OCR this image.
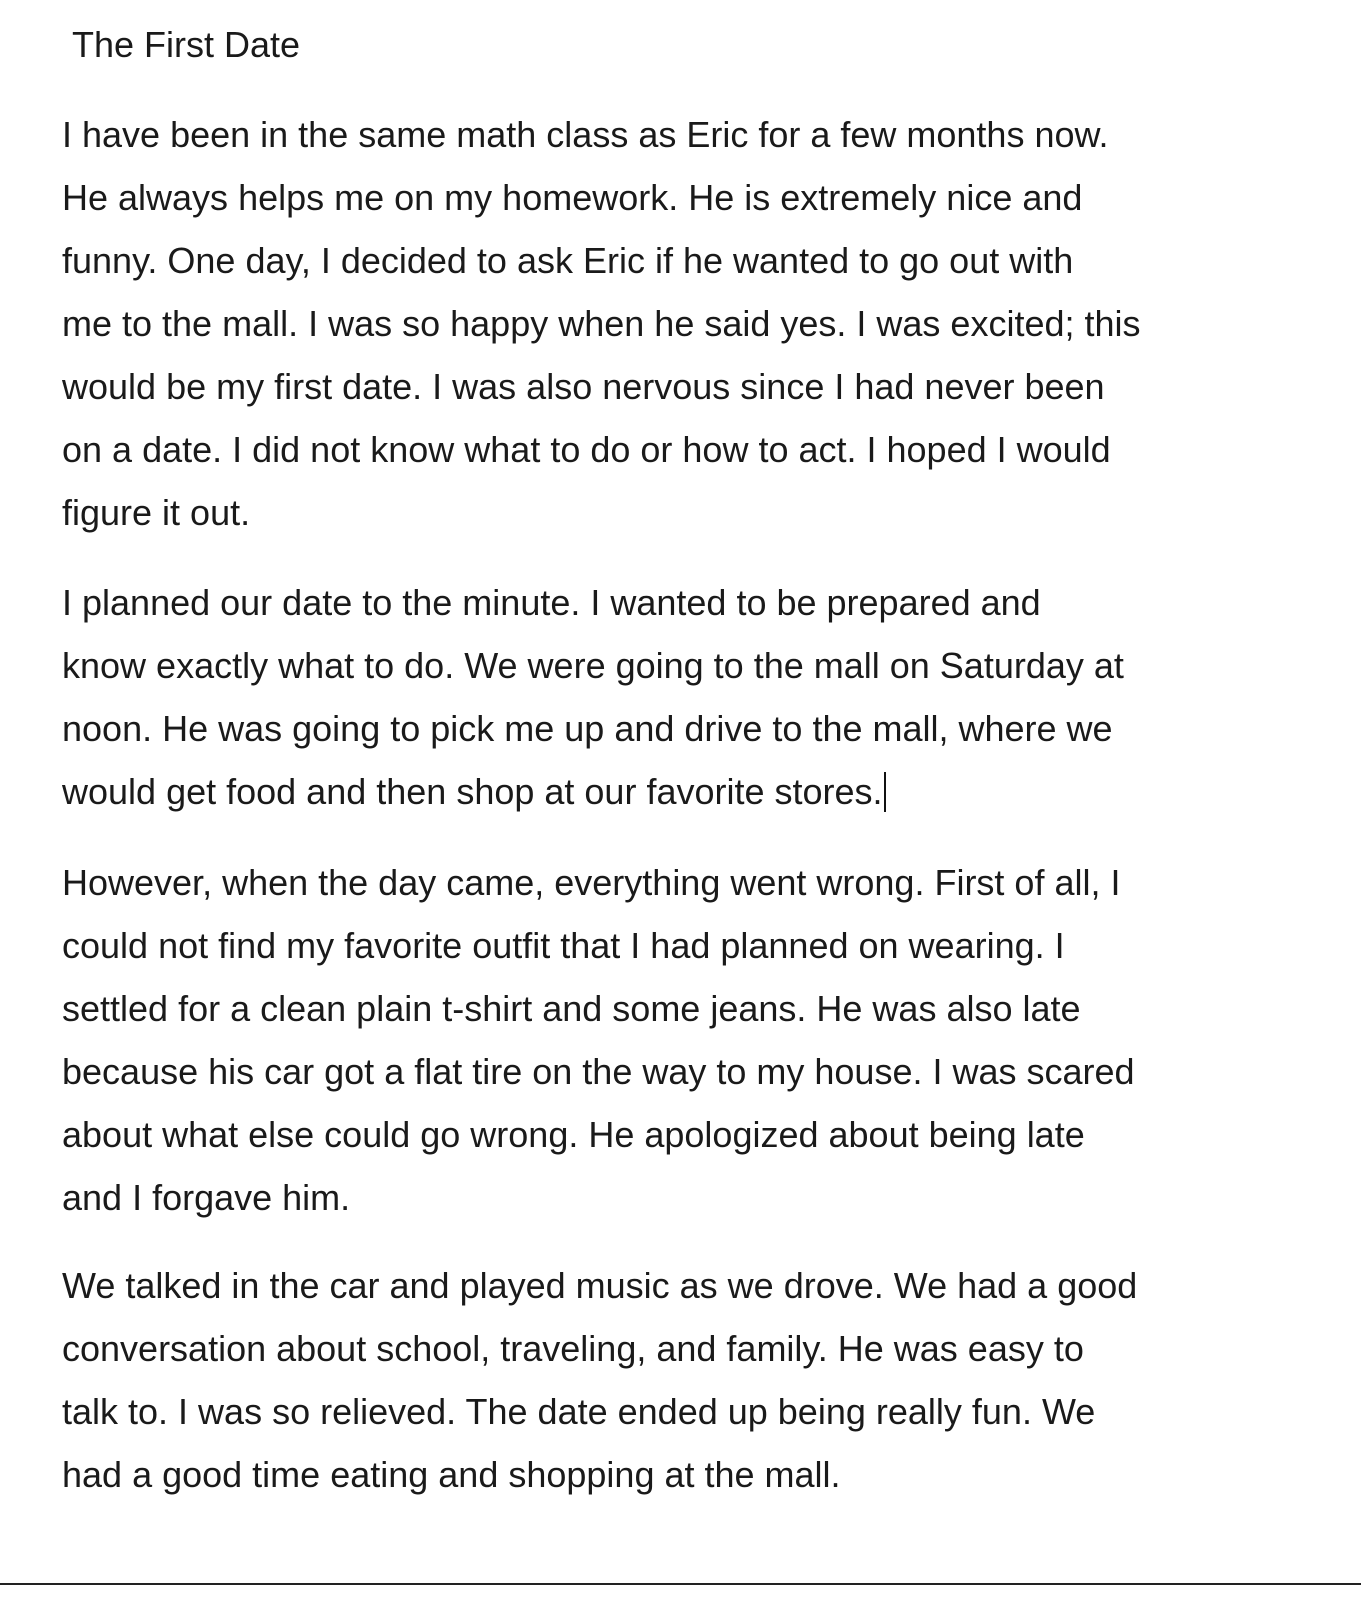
The First Date
I have been in the same math class as Eric for a few months now.
He always helps me on my homework. He is extremely nice and
funny. One day, I decided to ask Eric if he wanted to go out with
me to the mall. I was so happy when he said yes. I was excited; this
would be my first date. I was also nervous since I had never been
on a date. I did not know what to do or how to act. I hoped I would
figure it out.
I planned our date to the minute. I wanted to be prepared and
know exactly what to do. We were going to the mall on Saturday at
noon. He was going to pick me up and drive to the mall, where we
would get food and then shop at our favorite stores.
However, when the day came, everything went wrong. First of all, I
could not find my favorite outfit that I had planned on wearing. I
settled for a clean plain t-shirt and some jeans. He was also late
because his car got a flat tire on the way to my house. I was scared
about what else could go wrong. He apologized about being late
and I forgave him.
We talked in the car and played music as we drove. We had a good
conversation about school, traveling, and family. He was easy to
talk to. I was so relieved. The date ended up being really fun. We
had a good time eating and shopping at the mall.
